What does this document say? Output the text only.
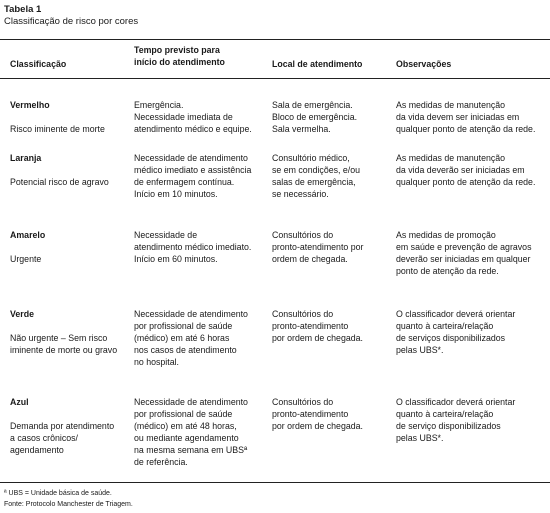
Tabela 1
Classificação de risco por cores
Classificação
Tempo previsto para
início do atendimento	Local de atendimento	Observações

Vermelho

Risco iminente de morte

Emergência.
Necessidade imediata de
atendimento médico e equipe.
Sala de emergência.
Bloco de emergência.
Sala vermelha.
As medidas de manutenção
da vida devem ser iniciadas em
qualquer ponto de atenção da rede.

Laranja

Potencial risco de agravo

Necessidade de atendimento
médico imediato e assistência
de enfermagem contínua.
Início em 10 minutos.
Consultório médico,
se em condições, e/ou
salas de emergência,
se necessário.
As medidas de manutenção
da vida deverão ser iniciadas em
qualquer ponto de atenção da rede.

Amarelo

Urgente

Necessidade de
atendimento médico imediato.
Início em 60 minutos.
Consultórios do
pronto-atendimento por
ordem de chegada.
As medidas de promoção
em saúde e prevenção de agravos
deverão ser iniciadas em qualquer
ponto de atenção da rede.

Verde

Não urgente – Sem risco
iminente de morte ou gravo

Necessidade de atendimento
por profissional de saúde
(médico) em até 6 horas
nos casos de atendimento
no hospital.
Consultórios do
pronto-atendimento
por ordem de chegada.
O classificador deverá orientar
quanto à carteira/relação
de serviços disponibilizados
pelas UBS*.

Azul

Demanda por atendimento
a casos crônicos/
agendamento

Necessidade de atendimento
por profissional de saúde
(médico) em até 48 horas,
ou mediante agendamento
na mesma semana em UBSª
de referência.
Consultórios do
pronto-atendimento
por ordem de chegada.
O classificador deverá orientar
quanto à carteira/relação
de serviço disponibilizados
pelas UBS*.
ª UBS = Unidade básica de saúde.
Fonte: Protocolo Manchester de Triagem.
